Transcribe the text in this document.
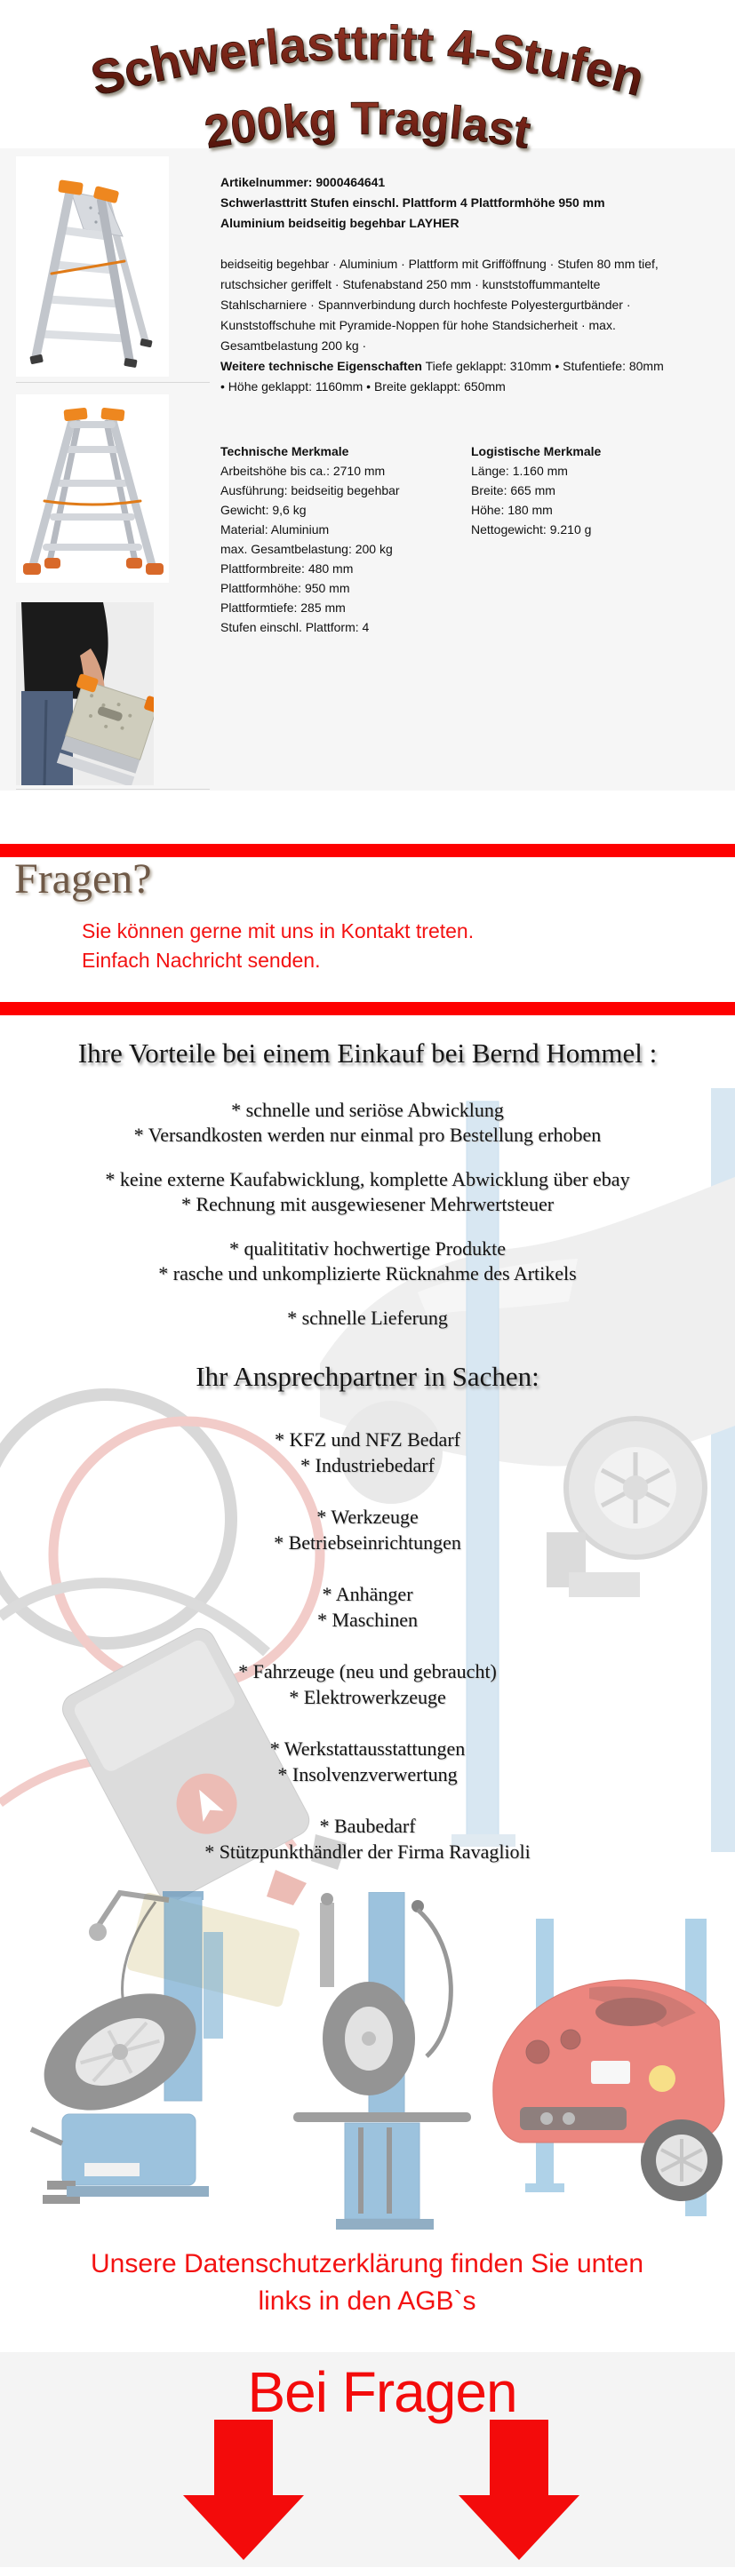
Schwerlasttritt 4-Stufen
200kg Traglast

Artikelnummer: 9000464641

Schwerlasttritt Stufen einschl. Plattform 4 Plattformhöhe 950 mm Aluminium beidseitig begehbar LAYHER

beidseitig begehbar · Aluminium · Plattform mit Grifföffnung · Stufen 80 mm tief, rutschsicher geriffelt · Stufenabstand 250 mm · kunststoffummantelte Stahlscharniere · Spannverbindung durch hochfeste Polyestergurtbänder · Kunststoffschuhe mit Pyramide-Noppen für hohe Standsicherheit · max. Gesamtbelastung 200 kg ·

Weitere technische Eigenschaften Tiefe geklappt: 310mm • Stufentiefe: 80mm • Höhe geklappt: 1160mm • Breite geklappt: 650mm

Technische Merkmale

Arbeitshöhe bis ca.: 2710 mm

Ausführung: beidseitig begehbar

Gewicht: 9,6 kg

Material: Aluminium

max. Gesamtbelastung: 200 kg

Plattformbreite: 480 mm

Plattformhöhe: 950 mm

Plattformtiefe: 285 mm

Stufen einschl. Plattform: 4

Logistische Merkmale

Länge: 1.160 mm

Breite: 665 mm

Höhe: 180 mm

Nettogewicht: 9.210 g

Fragen?
Sie können gerne mit uns in Kontakt treten.
Einfach Nachricht senden.
Ihre Vorteile bei einem Einkauf bei Bernd Hommel :

* schnelle und seriöse Abwicklung

* Versandkosten werden nur einmal pro Bestellung erhoben

* keine externe Kaufabwicklung, komplette Abwicklung über ebay

* Rechnung mit ausgewiesener Mehrwertsteuer

* qualititativ hochwertige Produkte

* rasche und unkomplizierte Rücknahme des Artikels

* schnelle Lieferung

Ihr Ansprechpartner in Sachen:

* KFZ und NFZ Bedarf

* Industriebedarf

* Werkzeuge

* Betriebseinrichtungen

* Anhänger

* Maschinen

* Fahrzeuge (neu und gebraucht)

* Elektrowerkzeuge

* Werkstattausstattungen

* Insolvenzverwertung

* Baubedarf

* Stützpunkthändler der Firma Ravaglioli

Unsere Datenschutzerklärung finden Sie unten links in den AGB`s
Bei Fragen
